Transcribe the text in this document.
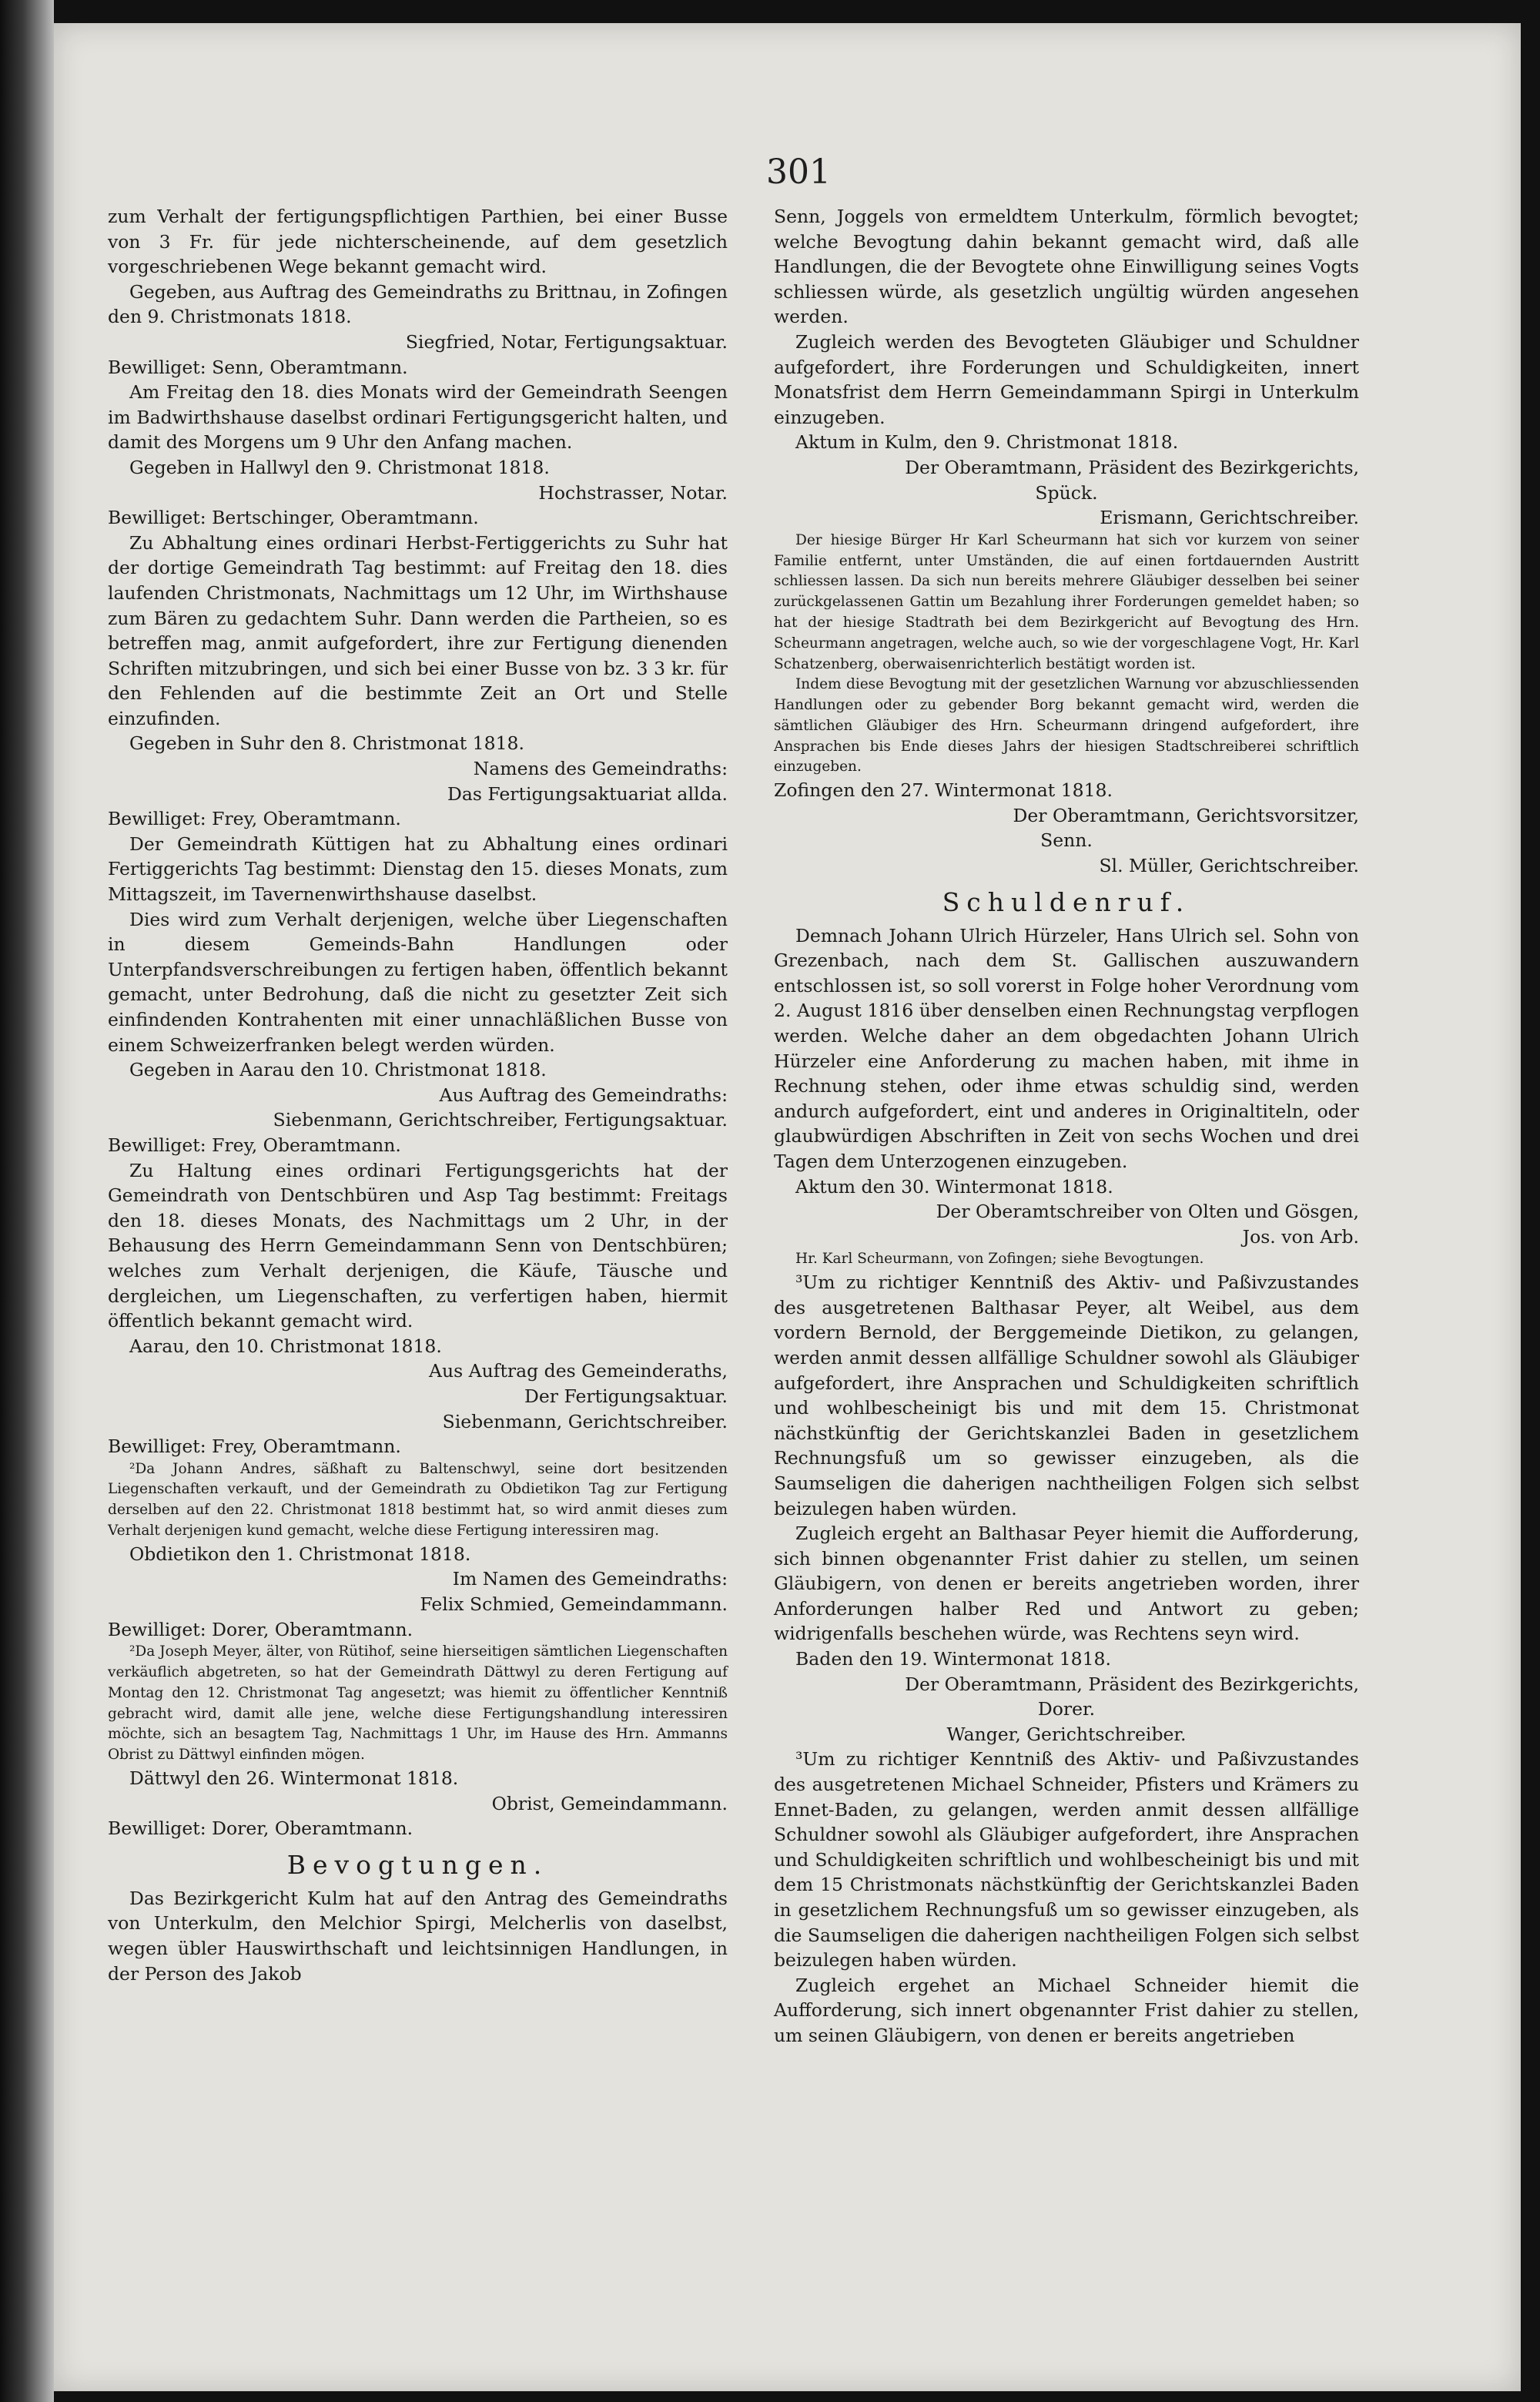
301

zum Verhalt der fertigungspflichtigen Parthien, bei einer Busse von 3 Fr. für jede nichterscheinende, auf dem gesetzlich vorgeschriebenen Wege bekannt gemacht wird.

Gegeben, aus Auftrag des Gemeindraths zu Brittnau, in Zofingen den 9. Christmonats 1818.

Siegfried, Notar, Fertigungsaktuar.

Bewilliget: Senn, Oberamtmann.

Am Freitag den 18. dies Monats wird der Gemeindrath Seengen im Badwirthshause daselbst ordinari Fertigungsgericht halten, und damit des Morgens um 9 Uhr den Anfang machen.

Gegeben in Hallwyl den 9. Christmonat 1818.

Hochstrasser, Notar.

Bewilliget: Bertschinger, Oberamtmann.

Zu Abhaltung eines ordinari Herbst-Fertiggerichts zu Suhr hat der dortige Gemeindrath Tag bestimmt: auf Freitag den 18. dies laufenden Christmonats, Nachmittags um 12 Uhr, im Wirthshause zum Bären zu gedachtem Suhr. Dann werden die Partheien, so es betreffen mag, anmit aufgefordert, ihre zur Fertigung dienenden Schriften mitzubringen, und sich bei einer Busse von bz. 3 3 kr. für den Fehlenden auf die bestimmte Zeit an Ort und Stelle einzufinden.

Gegeben in Suhr den 8. Christmonat 1818.

Namens des Gemeindraths:

Das Fertigungsaktuariat allda.

Bewilliget: Frey, Oberamtmann.

Der Gemeindrath Küttigen hat zu Abhaltung eines ordinari Fertiggerichts Tag bestimmt: Dienstag den 15. dieses Monats, zum Mittagszeit, im Tavernenwirthshause daselbst.

Dies wird zum Verhalt derjenigen, welche über Liegenschaften in diesem Gemeinds-Bahn Handlungen oder Unterpfandsverschreibungen zu fertigen haben, öffentlich bekannt gemacht, unter Bedrohung, daß die nicht zu gesetzter Zeit sich einfindenden Kontrahenten mit einer unnachläßlichen Busse von einem Schweizerfranken belegt werden würden.

Gegeben in Aarau den 10. Christmonat 1818.

Aus Auftrag des Gemeindraths:

Siebenmann, Gerichtschreiber, Fertigungsaktuar.

Bewilliget: Frey, Oberamtmann.

Zu Haltung eines ordinari Fertigungsgerichts hat der Gemeindrath von Dentschbüren und Asp Tag bestimmt: Freitags den 18. dieses Monats, des Nachmittags um 2 Uhr, in der Behausung des Herrn Gemeindammann Senn von Dentschbüren; welches zum Verhalt derjenigen, die Käufe, Täusche und dergleichen, um Liegenschaften, zu verfertigen haben, hiermit öffentlich bekannt gemacht wird.

Aarau, den 10. Christmonat 1818.

Aus Auftrag des Gemeinderaths,

Der Fertigungsaktuar.

Siebenmann, Gerichtschreiber.

Bewilliget: Frey, Oberamtmann.

²Da Johann Andres, säßhaft zu Baltenschwyl, seine dort besitzenden Liegenschaften verkauft, und der Gemeindrath zu Obdietikon Tag zur Fertigung derselben auf den 22. Christmonat 1818 bestimmt hat, so wird anmit dieses zum Verhalt derjenigen kund gemacht, welche diese Fertigung interessiren mag.

Obdietikon den 1. Christmonat 1818.

Im Namen des Gemeindraths:

Felix Schmied, Gemeindammann.

Bewilliget: Dorer, Oberamtmann.

²Da Joseph Meyer, älter, von Rütihof, seine hierseitigen sämtlichen Liegenschaften verkäuflich abgetreten, so hat der Gemeindrath Dättwyl zu deren Fertigung auf Montag den 12. Christmonat Tag angesetzt; was hiemit zu öffentlicher Kenntniß gebracht wird, damit alle jene, welche diese Fertigungshandlung interessiren möchte, sich an besagtem Tag, Nachmittags 1 Uhr, im Hause des Hrn. Ammanns Obrist zu Dättwyl einfinden mögen.

Dättwyl den 26. Wintermonat 1818.

Obrist, Gemeindammann.

Bewilliget: Dorer, Oberamtmann.

Bevogtungen.

Das Bezirkgericht Kulm hat auf den Antrag des Gemeindraths von Unterkulm, den Melchior Spirgi, Melcherlis von daselbst, wegen übler Hauswirthschaft und leichtsinnigen Handlungen, in der Person des Jakob

Senn, Joggels von ermeldtem Unterkulm, förmlich bevogtet; welche Bevogtung dahin bekannt gemacht wird, daß alle Handlungen, die der Bevogtete ohne Einwilligung seines Vogts schliessen würde, als gesetzlich ungültig würden angesehen werden.

Zugleich werden des Bevogteten Gläubiger und Schuldner aufgefordert, ihre Forderungen und Schuldigkeiten, innert Monatsfrist dem Herrn Gemeindammann Spirgi in Unterkulm einzugeben.

Aktum in Kulm, den 9. Christmonat 1818.

Der Oberamtmann, Präsident des Bezirkgerichts,

Spück.

Erismann, Gerichtschreiber.

Der hiesige Bürger Hr Karl Scheurmann hat sich vor kurzem von seiner Familie entfernt, unter Umständen, die auf einen fortdauernden Austritt schliessen lassen. Da sich nun bereits mehrere Gläubiger desselben bei seiner zurückgelassenen Gattin um Bezahlung ihrer Forderungen gemeldet haben; so hat der hiesige Stadtrath bei dem Bezirkgericht auf Bevogtung des Hrn. Scheurmann angetragen, welche auch, so wie der vorgeschlagene Vogt, Hr. Karl Schatzenberg, oberwaisenrichterlich bestätigt worden ist.

Indem diese Bevogtung mit der gesetzlichen Warnung vor abzuschliessenden Handlungen oder zu gebender Borg bekannt gemacht wird, werden die sämtlichen Gläubiger des Hrn. Scheurmann dringend aufgefordert, ihre Ansprachen bis Ende dieses Jahrs der hiesigen Stadtschreiberei schriftlich einzugeben.

Zofingen den 27. Wintermonat 1818.

Der Oberamtmann, Gerichtsvorsitzer,

Senn.

Sl. Müller, Gerichtschreiber.

Schuldenruf.

Demnach Johann Ulrich Hürzeler, Hans Ulrich sel. Sohn von Grezenbach, nach dem St. Gallischen auszuwandern entschlossen ist, so soll vorerst in Folge hoher Verordnung vom 2. August 1816 über denselben einen Rechnungstag verpflogen werden. Welche daher an dem obgedachten Johann Ulrich Hürzeler eine Anforderung zu machen haben, mit ihme in Rechnung stehen, oder ihme etwas schuldig sind, werden andurch aufgefordert, eint und anderes in Originaltiteln, oder glaubwürdigen Abschriften in Zeit von sechs Wochen und drei Tagen dem Unterzogenen einzugeben.

Aktum den 30. Wintermonat 1818.

Der Oberamtschreiber von Olten und Gösgen,

Jos. von Arb.

Hr. Karl Scheurmann, von Zofingen; siehe Bevogtungen.

³Um zu richtiger Kenntniß des Aktiv- und Paßivzustandes des ausgetretenen Balthasar Peyer, alt Weibel, aus dem vordern Bernold, der Berggemeinde Dietikon, zu gelangen, werden anmit dessen allfällige Schuldner sowohl als Gläubiger aufgefordert, ihre Ansprachen und Schuldigkeiten schriftlich und wohlbescheinigt bis und mit dem 15. Christmonat nächstkünftig der Gerichtskanzlei Baden in gesetzlichem Rechnungsfuß um so gewisser einzugeben, als die Saumseligen die daherigen nachtheiligen Folgen sich selbst beizulegen haben würden.

Zugleich ergeht an Balthasar Peyer hiemit die Aufforderung, sich binnen obgenannter Frist dahier zu stellen, um seinen Gläubigern, von denen er bereits angetrieben worden, ihrer Anforderungen halber Red und Antwort zu geben; widrigenfalls beschehen würde, was Rechtens seyn wird.

Baden den 19. Wintermonat 1818.

Der Oberamtmann, Präsident des Bezirkgerichts,

Dorer.

Wanger, Gerichtschreiber.

³Um zu richtiger Kenntniß des Aktiv- und Paßivzustandes des ausgetretenen Michael Schneider, Pfisters und Krämers zu Ennet-Baden, zu gelangen, werden anmit dessen allfällige Schuldner sowohl als Gläubiger aufgefordert, ihre Ansprachen und Schuldigkeiten schriftlich und wohlbescheinigt bis und mit dem 15 Christmonats nächstkünftig der Gerichtskanzlei Baden in gesetzlichem Rechnungsfuß um so gewisser einzugeben, als die Saumseligen die daherigen nachtheiligen Folgen sich selbst beizulegen haben würden.

Zugleich ergehet an Michael Schneider hiemit die Aufforderung, sich innert obgenannter Frist dahier zu stellen, um seinen Gläubigern, von denen er bereits angetrieben
